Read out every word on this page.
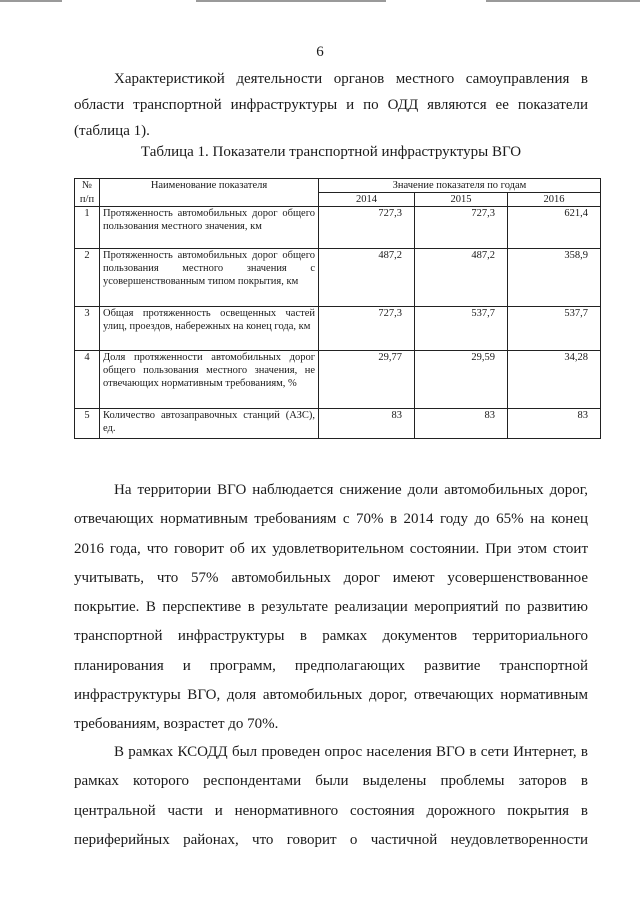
6

Характеристикой деятельности органов местного самоуправления в

области транспортной инфраструктуры и по ОДД являются ее показатели

(таблица 1).

Таблица 1. Показатели транспортной инфраструктуры ВГО
№	Наименование показателя	Значение показателя по годам		
п/п		2014	2015	2016
1	Протяженность автомобильных дорог общего пользования местного значения, км	727,3	727,3	621,4
2	Протяженность автомобильных дорог общего пользования местного значения с усовершенствованным типом покрытия, км	487,2	487,2	358,9
3	Общая протяженность освещенных частей улиц, проездов, набережных на конец года, км	727,3	537,7	537,7
4	Доля протяженности автомобильных дорог общего пользования местного значения, не отвечающих нормативным требованиям, %	29,77	29,59	34,28
5	Количество автозаправочных станций (АЗС), ед.	83	83	83

На территории ВГО наблюдается снижение доли автомобильных дорог, отвечающих нормативным требованиям с 70% в 2014 году до 65% на конец 2016 года, что говорит об их удовлетворительном состоянии. При этом стоит учитывать, что 57% автомобильных дорог имеют усовершенствованное покрытие. В перспективе в результате реализации мероприятий по развитию транспортной инфраструктуры в рамках документов территориального планирования и программ, предполагающих развитие транспортной инфраструктуры ВГО, доля автомобильных дорог, отвечающих нормативным требованиям, возрастет до 70%.

В рамках КСОДД был проведен опрос населения ВГО в сети Интернет, в рамках которого респондентами были выделены проблемы заторов в центральной части и ненормативного состояния дорожного покрытия в периферийных районах, что говорит о частичной неудовлетворенности
